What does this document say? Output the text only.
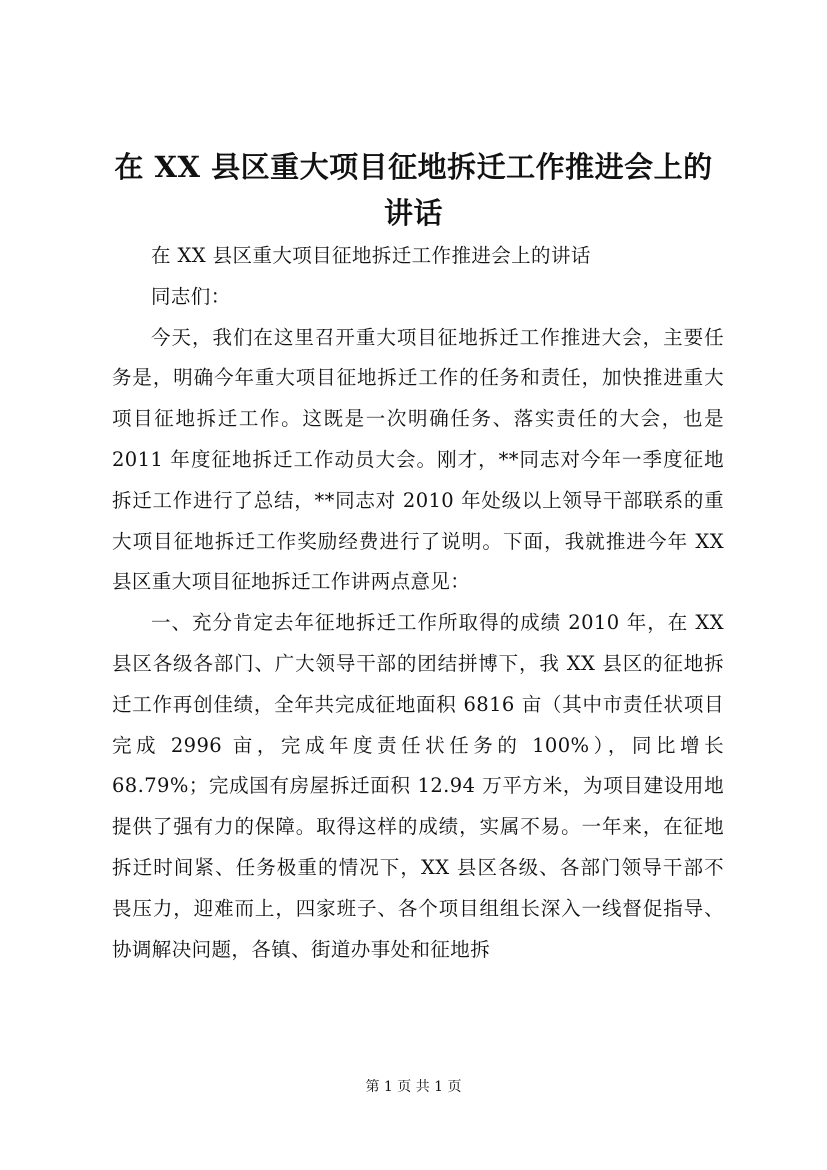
在 XX 县区重大项目征地拆迁工作推进会上的讲话

在 XX 县区重大项目征地拆迁工作推进会上的讲话

同志们：

今天，我们在这里召开重大项目征地拆迁工作推进大会，主要任务是，明确今年重大项目征地拆迁工作的任务和责任，加快推进重大项目征地拆迁工作。这既是一次明确任务、落实责任的大会，也是 2011 年度征地拆迁工作动员大会。刚才，**同志对今年一季度征地拆迁工作进行了总结，**同志对 2010 年处级以上领导干部联系的重大项目征地拆迁工作奖励经费进行了说明。下面，我就推进今年 XX 县区重大项目征地拆迁工作讲两点意见：

一、充分肯定去年征地拆迁工作所取得的成绩 2010 年，在 XX 县区各级各部门、广大领导干部的团结拼博下，我 XX 县区的征地拆迁工作再创佳绩，全年共完成征地面积 6816 亩（其中市责任状项目完成 2996 亩，完成年度责任状任务的 100%），同比增长 68.79%；完成国有房屋拆迁面积 12.94 万平方米，为项目建设用地提供了强有力的保障。取得这样的成绩，实属不易。一年来，在征地拆迁时间紧、任务极重的情况下，XX 县区各级、各部门领导干部不畏压力，迎难而上，四家班子、各个项目组组长深入一线督促指导、协调解决问题，各镇、街道办事处和征地拆

第 1 页 共 1 页
